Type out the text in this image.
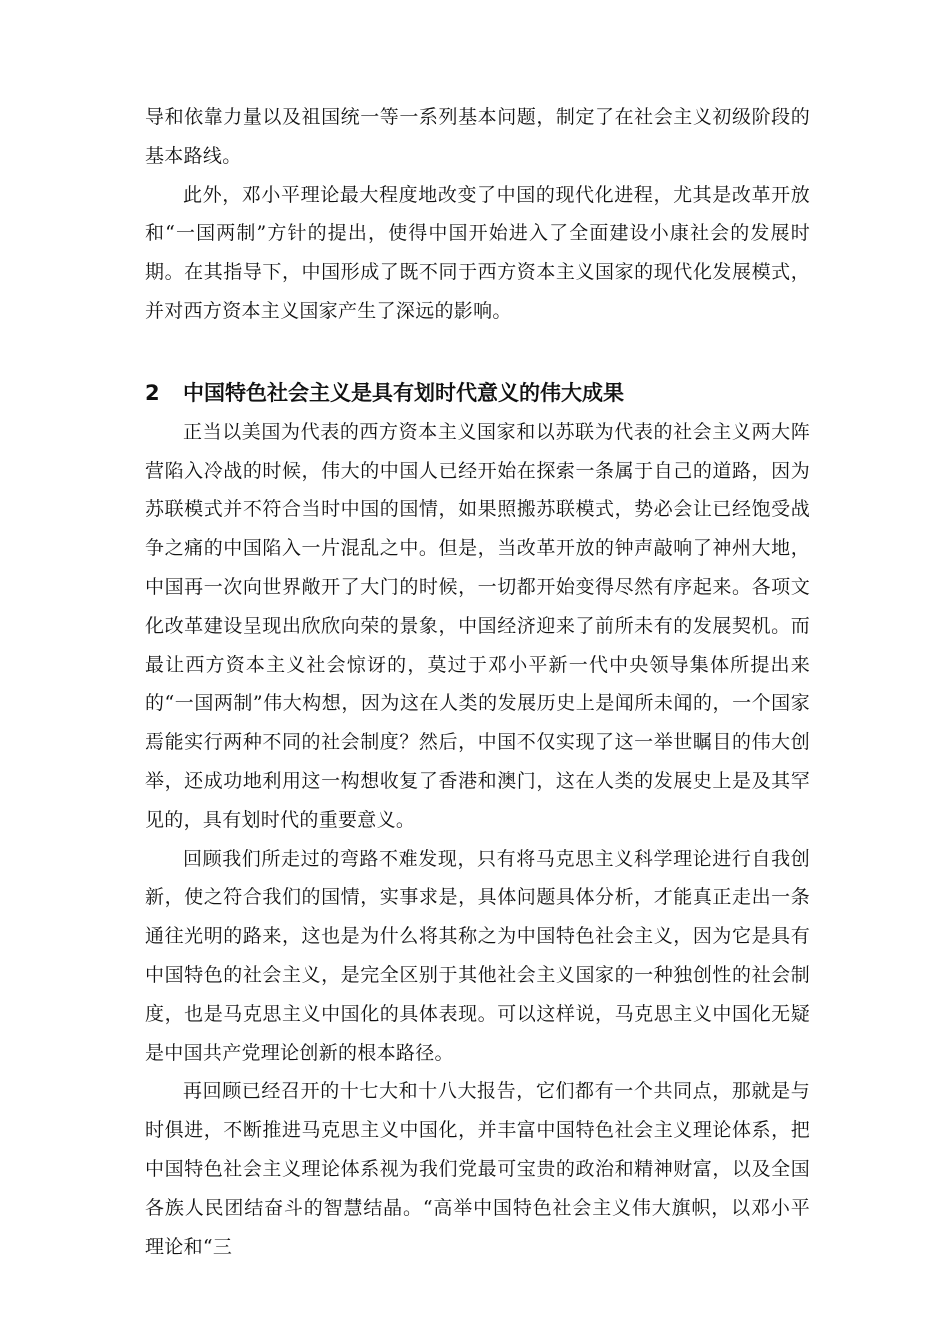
导和依靠力量以及祖国统一等一系列基本问题，制定了在社会主义初级阶段的基本路线。

此外，邓小平理论最大程度地改变了中国的现代化进程，尤其是改革开放和“一国两制”方针的提出，使得中国开始进入了全面建设小康社会的发展时期。在其指导下，中国形成了既不同于西方资本主义国家的现代化发展模式，并对西方资本主义国家产生了深远的影响。

2	中国特色社会主义是具有划时代意义的伟大成果

正当以美国为代表的西方资本主义国家和以苏联为代表的社会主义两大阵营陷入冷战的时候，伟大的中国人已经开始在探索一条属于自己的道路，因为苏联模式并不符合当时中国的国情，如果照搬苏联模式，势必会让已经饱受战争之痛的中国陷入一片混乱之中。但是，当改革开放的钟声敲响了神州大地，中国再一次向世界敞开了大门的时候，一切都开始变得尽然有序起来。各项文化改革建设呈现出欣欣向荣的景象，中国经济迎来了前所未有的发展契机。而最让西方资本主义社会惊讶的，莫过于邓小平新一代中央领导集体所提出来的“一国两制”伟大构想，因为这在人类的发展历史上是闻所未闻的，一个国家焉能实行两种不同的社会制度？然后，中国不仅实现了这一举世瞩目的伟大创举，还成功地利用这一构想收复了香港和澳门，这在人类的发展史上是及其罕见的，具有划时代的重要意义。

回顾我们所走过的弯路不难发现，只有将马克思主义科学理论进行自我创新，使之符合我们的国情，实事求是，具体问题具体分析，才能真正走出一条通往光明的路来，这也是为什么将其称之为中国特色社会主义，因为它是具有中国特色的社会主义，是完全区别于其他社会主义国家的一种独创性的社会制度，也是马克思主义中国化的具体表现。可以这样说，马克思主义中国化无疑是中国共产党理论创新的根本路径。

再回顾已经召开的十七大和十八大报告，它们都有一个共同点，那就是与时俱进，不断推进马克思主义中国化，并丰富中国特色社会主义理论体系，把中国特色社会主义理论体系视为我们党最可宝贵的政治和精神财富，以及全国各族人民团结奋斗的智慧结晶。“高举中国特色社会主义伟大旗帜，以邓小平理论和“三
